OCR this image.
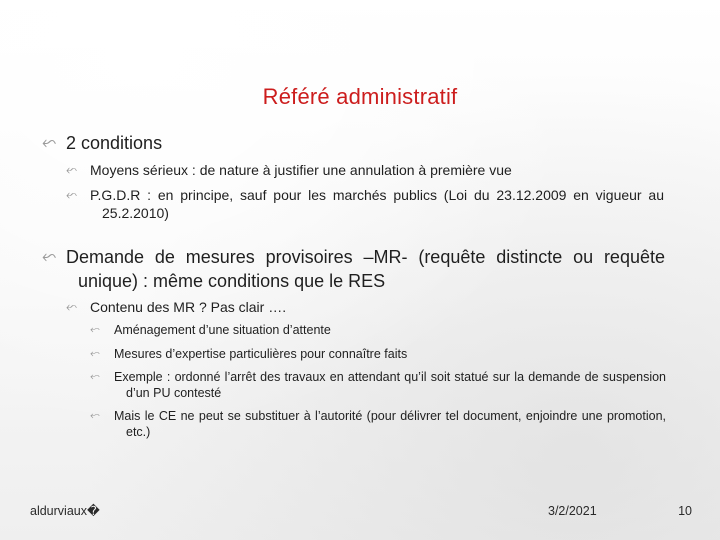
Référé administratif
⬿ 2 conditions
⬿ Moyens sérieux : de nature à justifier une annulation à première vue
⬿ P.G.D.R : en principe, sauf pour les marchés publics (Loi du 23.12.2009 en vigueur au 25.2.2010)
⬿ Demande de mesures provisoires –MR- (requête distincte ou requête unique) : même conditions que le RES
⬿ Contenu des MR ? Pas clair ….
⬿ Aménagement d’une situation d’attente
⬿ Mesures d’expertise particulières pour connaître faits
⬿ Exemple : ordonné l’arrêt des travaux en attendant qu’il soit statué sur la demande de suspension d’un PU contesté
⬿ Mais le CE ne peut se substituer à l’autorité (pour délivrer tel document, enjoindre une promotion, etc.)
aldurviaux�	3/2/2021	10
